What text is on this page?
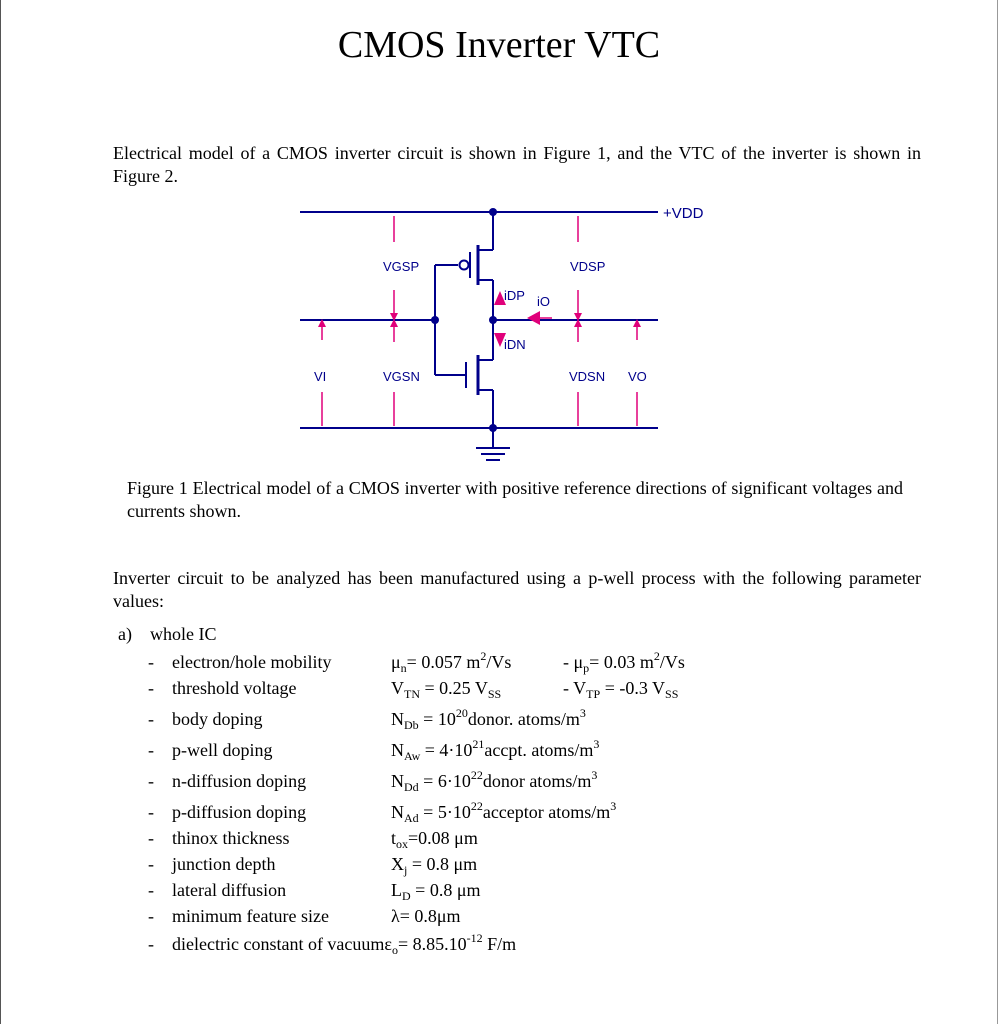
CMOS Inverter VTC
Electrical model of a CMOS inverter circuit is shown in Figure 1, and the VTC of the inverter is shown in Figure 2.
+VDD
VGSP	VDSP
iDP iO
iDN
VI	VGSN	VDSN VO
Figure 1 Electrical model of a CMOS inverter with positive reference directions of significant voltages and currents shown.
Inverter circuit to be analyzed has been manufactured using a p-well process with the following parameter values:
a) whole IC
- electron/hole mobility	$\mu_n= 0.057$ $m^2/Vs$	- $\mu_p= 0.03$ $m^2/Vs$
- threshold voltage	$V_{TN} = 0.25$ $V_{SS}$	- $V_{TP} = -0.3$ $V_{SS}$
- body doping	$N_{Db}$ = $10^{20}donor$. atoms/$m^3$
- p-well doping	$N_{Aw}$ = $4\cdot 10^{21}accpt$. atoms/$m^3$
- n-diffusion doping	$N_{Dd}$ = $6\cdot 10^{22}donor$ atoms/$m^3$
- p-diffusion doping	$N_{Ad}$ = $5\cdot 10^{22}acceptor$ atoms/$m^3$
- thinox thickness	$t_{ox}=0.08$ μm
- junction depth	$X_j = 0.8$ μm
- lateral diffusion	$L_D = 0.8$ μm
- minimum feature size	λ= 0.8μm
- dielectric constant of vacuumε$_o$= $8.85.10^{-12}$ F/m
